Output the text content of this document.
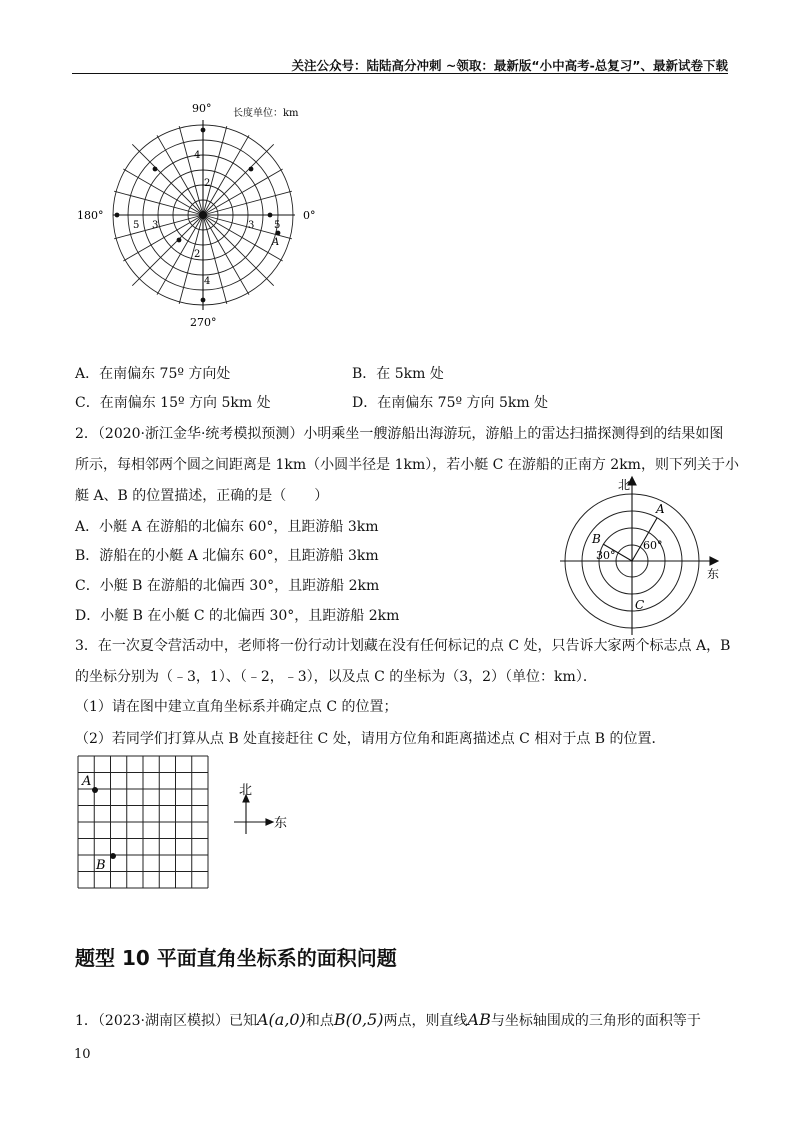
关注公众号：陆陆高分冲刺 ~领取：最新版“小中高考-总复习”、最新试卷下载
90° 长度单位：km
180°	0°
270°
4
2
3 5
5 3
2
4
A
A．在南偏东 75º 方向处	B．在 5km 处
C．在南偏东 15º 方向 5km 处	D．在南偏东 75º 方向 5km 处
2．（2020·浙江金华·统考模拟预测）小明乘坐一艘游船出海游玩，游船上的雷达扫描探测得到的结果如图
所示，每相邻两个圆之间距离是 1km（小圆半径是 1km），若小艇 C 在游船的正南方 2km，则下列关于小
艇 A、B 的位置描述，正确的是（　　）
A．小艇 A 在游船的北偏东 60°，且距游船 3km
B．游船在的小艇 A 北偏东 60°，且距游船 3km
C．小艇 B 在游船的北偏西 30°，且距游船 2km
D．小艇 B 在小艇 C 的北偏西 30°，且距游船 2km
北
东
A
B
C
60°
30°
3．在一次夏令营活动中，老师将一份行动计划藏在没有任何标记的点 C 处，只告诉大家两个标志点 A，B
的坐标分别为（﹣3，1）、（﹣2，﹣3），以及点 C 的坐标为（3，2）（单位：km）．
（1）请在图中建立直角坐标系并确定点 C 的位置；
（2）若同学们打算从点 B 处直接赶往 C 处，请用方位角和距离描述点 C 相对于点 B 的位置．
A
B
北
东
题型 10 平面直角坐标系的面积问题
1．（2023·湖南区模拟）已知A(a,0)和点B(0,5)两点，则直线AB与坐标轴围成的三角形的面积等于
10
